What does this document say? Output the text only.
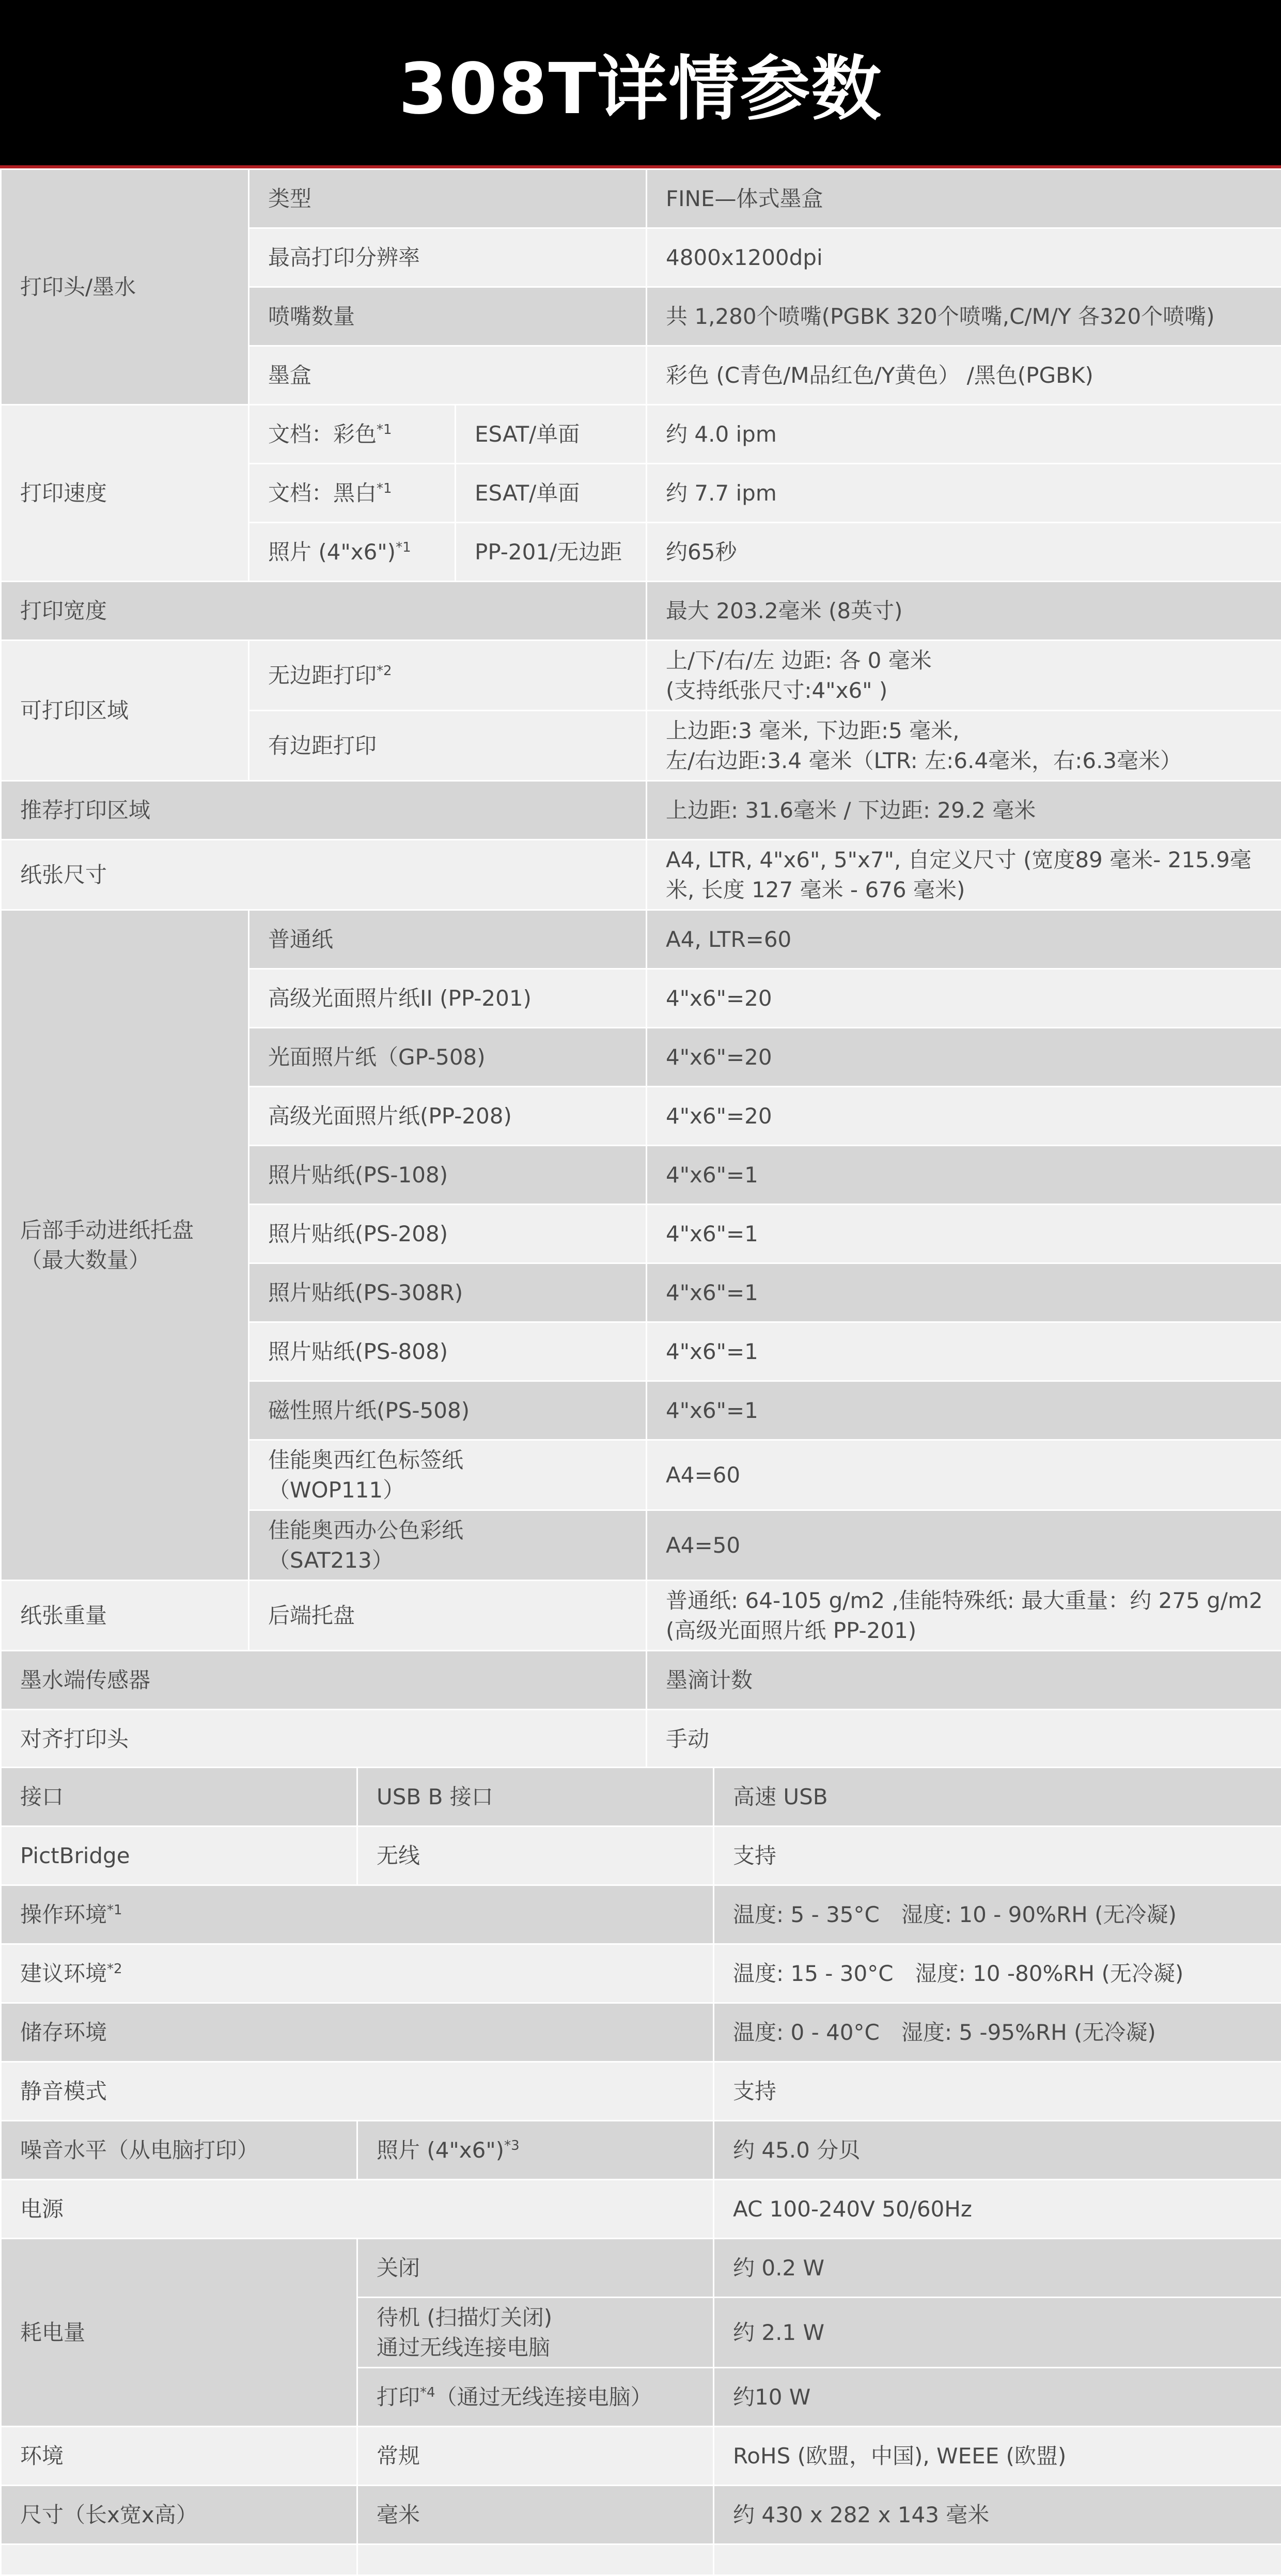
308T详情参数
打印头/墨水	类型		FINE—体式墨盒
	最高打印分辨率		4800x1200dpi
	喷嘴数量		共 1,280个喷嘴(PGBK 320个喷嘴,C/M/Y 各320个喷嘴)
	墨盒		彩色 (C青色/M品红色/Y黄色） /黑色(PGBK)
打印速度	文档：彩色$^{*1}$	ESAT/单面	约 4.0 ipm
	文档：黑白$^{*1}$	ESAT/单面	约 7.7 ipm
	照片 (4"x6")$^{*1}$	PP-201/无边距	约65秒
打印宽度			最大 203.2毫米 (8英寸)
可打印区域	无边距打印$^{*2}$		上/下/右/左 边距: 各 0 毫米
(支持纸张尺寸:4"x6" )

	有边距打印		上边距:3 毫米, 下边距:5 毫米,
左/右边距:3.4 毫米（LTR: 左:6.4毫米，右:6.3毫米）

推荐打印区域			上边距: 31.6毫米 / 下边距: 29.2 毫米
纸张尺寸			A4, LTR, 4"x6", 5"x7", 自定义尺寸 (宽度89 毫米- 215.9毫
米, 长度 127 毫米 - 676 毫米)

后部手动进纸托盘
（最大数量）	普通纸		A4, LTR=60
	高级光面照片纸II (PP-201)		4"x6"=20
	光面照片纸（GP-508)		4"x6"=20
	高级光面照片纸(PP-208)		4"x6"=20
	照片贴纸(PS-108)		4"x6"=1
	照片贴纸(PS-208)		4"x6"=1
	照片贴纸(PS-308R)		4"x6"=1
	照片贴纸(PS-808)		4"x6"=1
	磁性照片纸(PS-508)		4"x6"=1

	佳能奥西红色标签纸
（WOP111）		A4=60

	佳能奥西办公色彩纸
（SAT213）		A4=50
纸张重量	后端托盘		普通纸: 64-105 g/m2 ,佳能特殊纸: 最大重量：约 275 g/m2
(高级光面照片纸 PP-201)

墨水端传感器			墨滴计数
对齐打印头			手动
接口	USB B 接口	高速 USB
PictBridge	无线	支持
操作环境$^{*1}$		温度: 5 - 35°C　湿度: 10 - 90%RH (无冷凝)
建议环境$^{*2}$		温度: 15 - 30°C　湿度: 10 -80%RH (无冷凝)
储存环境		温度: 0 - 40°C　湿度: 5 -95%RH (无冷凝)
静音模式		支持
噪音水平（从电脑打印）	照片 (4"x6")$^{*3}$	约 45.0 分贝
电源		AC 100-240V 50/60Hz
耗电量	关闭	约 0.2 W

	待机 (扫描灯关闭)
通过无线连接电脑	约 2.1 W
	打印$^{*4}$（通过无线连接电脑）	约10 W
环境	常规	RoHS (欧盟，中国), WEEE (欧盟)
尺寸（长x宽x高）	毫米	约 430 x 282 x 143 毫米
